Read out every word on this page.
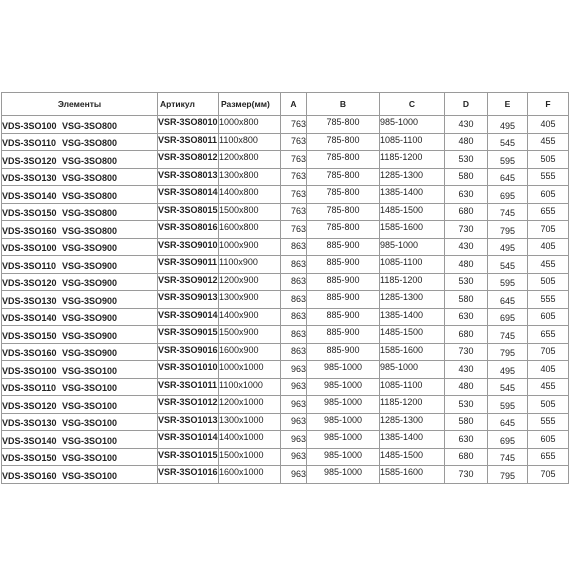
Элементы	Артикул	Размер(мм)	A	B	C	D	E	F
VDS-3SO100 VSG-3SO800	VSR-3SO8010	1000x800	763	785-800	985-1000	430	495	405
VDS-3SO110 VSG-3SO800	VSR-3SO8011	1100x800	763	785-800	1085-1100	480	545	455
VDS-3SO120 VSG-3SO800	VSR-3SO8012	1200x800	763	785-800	1185-1200	530	595	505
VDS-3SO130 VSG-3SO800	VSR-3SO8013	1300x800	763	785-800	1285-1300	580	645	555
VDS-3SO140 VSG-3SO800	VSR-3SO8014	1400x800	763	785-800	1385-1400	630	695	605
VDS-3SO150 VSG-3SO800	VSR-3SO8015	1500x800	763	785-800	1485-1500	680	745	655
VDS-3SO160 VSG-3SO800	VSR-3SO8016	1600x800	763	785-800	1585-1600	730	795	705
VDS-3SO100 VSG-3SO900	VSR-3SO9010	1000x900	863	885-900	985-1000	430	495	405
VDS-3SO110 VSG-3SO900	VSR-3SO9011	1100x900	863	885-900	1085-1100	480	545	455
VDS-3SO120 VSG-3SO900	VSR-3SO9012	1200x900	863	885-900	1185-1200	530	595	505
VDS-3SO130 VSG-3SO900	VSR-3SO9013	1300x900	863	885-900	1285-1300	580	645	555
VDS-3SO140 VSG-3SO900	VSR-3SO9014	1400x900	863	885-900	1385-1400	630	695	605
VDS-3SO150 VSG-3SO900	VSR-3SO9015	1500x900	863	885-900	1485-1500	680	745	655
VDS-3SO160 VSG-3SO900	VSR-3SO9016	1600x900	863	885-900	1585-1600	730	795	705
VDS-3SO100 VSG-3SO100	VSR-3SO1010	1000x1000	963	985-1000	985-1000	430	495	405
VDS-3SO110 VSG-3SO100	VSR-3SO1011	1100x1000	963	985-1000	1085-1100	480	545	455
VDS-3SO120 VSG-3SO100	VSR-3SO1012	1200x1000	963	985-1000	1185-1200	530	595	505
VDS-3SO130 VSG-3SO100	VSR-3SO1013	1300x1000	963	985-1000	1285-1300	580	645	555
VDS-3SO140 VSG-3SO100	VSR-3SO1014	1400x1000	963	985-1000	1385-1400	630	695	605
VDS-3SO150 VSG-3SO100	VSR-3SO1015	1500x1000	963	985-1000	1485-1500	680	745	655
VDS-3SO160 VSG-3SO100	VSR-3SO1016	1600x1000	963	985-1000	1585-1600	730	795	705
